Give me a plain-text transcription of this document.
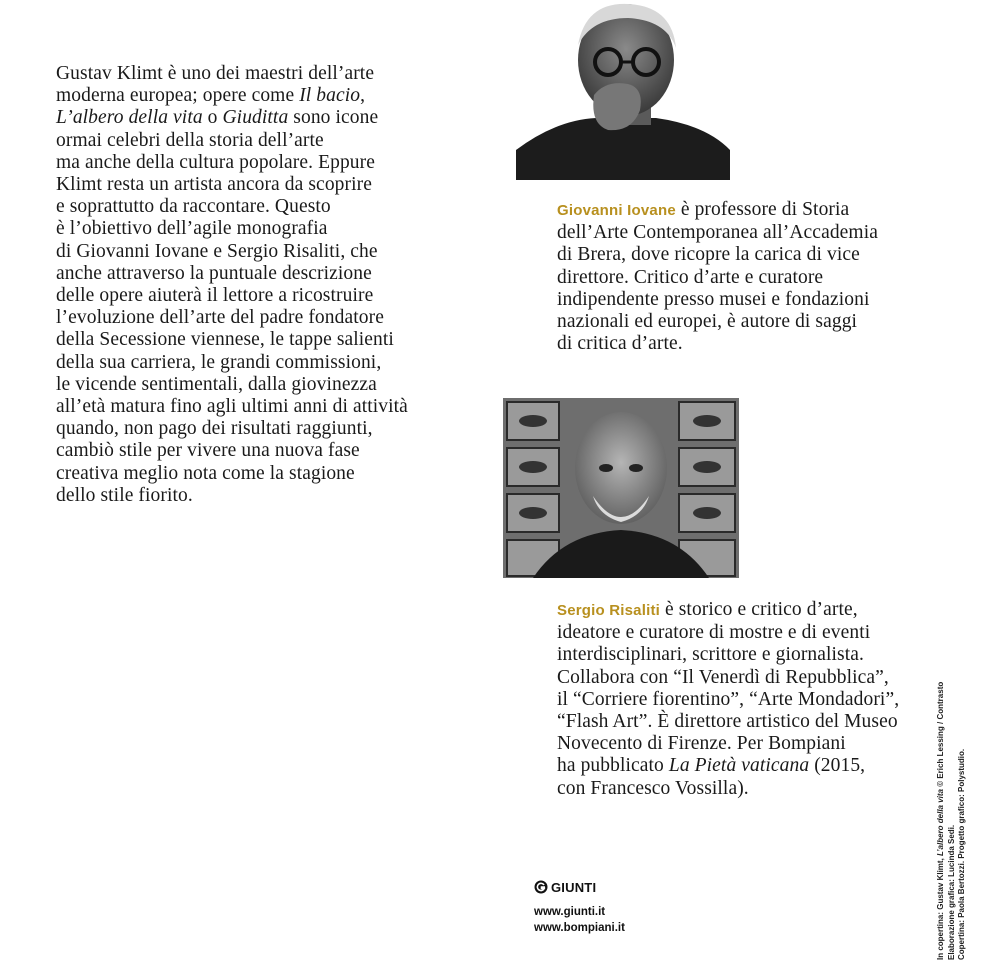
Gustav Klimt è uno dei maestri dell’arte
moderna europea; opere come Il bacio,
L’albero della vita o Giuditta sono icone
ormai celebri della storia dell’arte
ma anche della cultura popolare. Eppure
Klimt resta un artista ancora da scoprire
e soprattutto da raccontare. Questo
è l’obiettivo dell’agile monografia
di Giovanni Iovane e Sergio Risaliti, che
anche attraverso la puntuale descrizione
delle opere aiuterà il lettore a ricostruire
l’evoluzione dell’arte del padre fondatore
della Secessione viennese, le tappe salienti
della sua carriera, le grandi commissioni,
le vicende sentimentali, dalla giovinezza
all’età matura fino agli ultimi anni di attività
quando, non pago dei risultati raggiunti,
cambiò stile per vivere una nuova fase
creativa meglio nota come la stagione
dello stile fiorito.
Giovanni Iovane è professore di Storia
dell’Arte Contemporanea all’Accademia
di Brera, dove ricopre la carica di vice
direttore. Critico d’arte e curatore
indipendente presso musei e fondazioni
nazionali ed europei, è autore di saggi
di critica d’arte.
Sergio Risaliti è storico e critico d’arte,
ideatore e curatore di mostre e di eventi
interdisciplinari, scrittore e giornalista.
Collabora con “Il Venerdì di Repubblica”,
il “Corriere fiorentino”, “Arte Mondadori”,
“Flash Art”. È direttore artistico del Museo
Novecento di Firenze. Per Bompiani
ha pubblicato La Pietà vaticana (2015,
con Francesco Vossilla).
GIUNTI
www.giunti.it
www.bompiani.it	In copertina: Gustav Klimt, L’albero della vita © Erich Lessing / Contrasto
Elaborazione grafica: Lucinda Sedi. Copertina: Paola Bertozzi. Progetto grafico: Polystudio.
